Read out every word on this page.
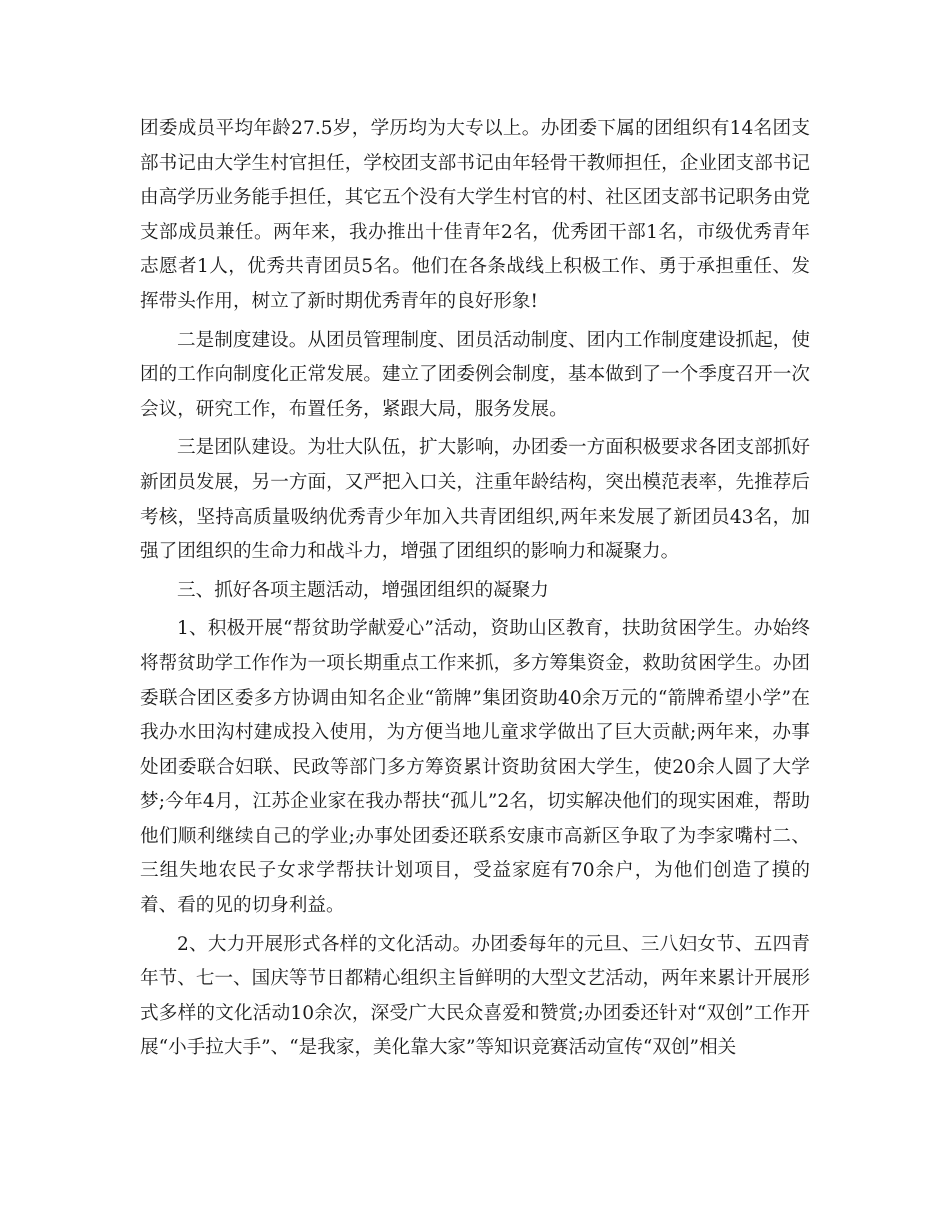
团委成员平均年龄27.5岁，学历均为大专以上。办团委下属的团组织有14名团支部书记由大学生村官担任，学校团支部书记由年轻骨干教师担任，企业团支部书记由高学历业务能手担任，其它五个没有大学生村官的村、社区团支部书记职务由党支部成员兼任。两年来，我办推出十佳青年2名，优秀团干部1名，市级优秀青年志愿者1人，优秀共青团员5名。他们在各条战线上积极工作、勇于承担重任、发挥带头作用，树立了新时期优秀青年的良好形象!

二是制度建设。从团员管理制度、团员活动制度、团内工作制度建设抓起，使团的工作向制度化正常发展。建立了团委例会制度，基本做到了一个季度召开一次会议，研究工作，布置任务，紧跟大局，服务发展。

三是团队建设。为壮大队伍，扩大影响，办团委一方面积极要求各团支部抓好新团员发展，另一方面，又严把入口关，注重年龄结构，突出模范表率，先推荐后考核，坚持高质量吸纳优秀青少年加入共青团组织,两年来发展了新团员43名，加强了团组织的生命力和战斗力，增强了团组织的影响力和凝聚力。

三、抓好各项主题活动，增强团组织的凝聚力

1、积极开展“帮贫助学献爱心”活动，资助山区教育，扶助贫困学生。办始终将帮贫助学工作作为一项长期重点工作来抓，多方筹集资金，救助贫困学生。办团委联合团区委多方协调由知名企业“箭牌”集团资助40余万元的“箭牌希望小学”在我办水田沟村建成投入使用，为方便当地儿童求学做出了巨大贡献;两年来，办事处团委联合妇联、民政等部门多方筹资累计资助贫困大学生，使20余人圆了大学梦;今年4月，江苏企业家在我办帮扶“孤儿”2名，切实解决他们的现实困难，帮助他们顺利继续自己的学业;办事处团委还联系安康市高新区争取了为李家嘴村二、三组失地农民子女求学帮扶计划项目，受益家庭有70余户，为他们创造了摸的着、看的见的切身利益。

2、大力开展形式各样的文化活动。办团委每年的元旦、三八妇女节、五四青年节、七一、国庆等节日都精心组织主旨鲜明的大型文艺活动，两年来累计开展形式多样的文化活动10余次，深受广大民众喜爱和赞赏;办团委还针对“双创”工作开展“小手拉大手”、“是我家，美化靠大家”等知识竞赛活动宣传“双创”相关
